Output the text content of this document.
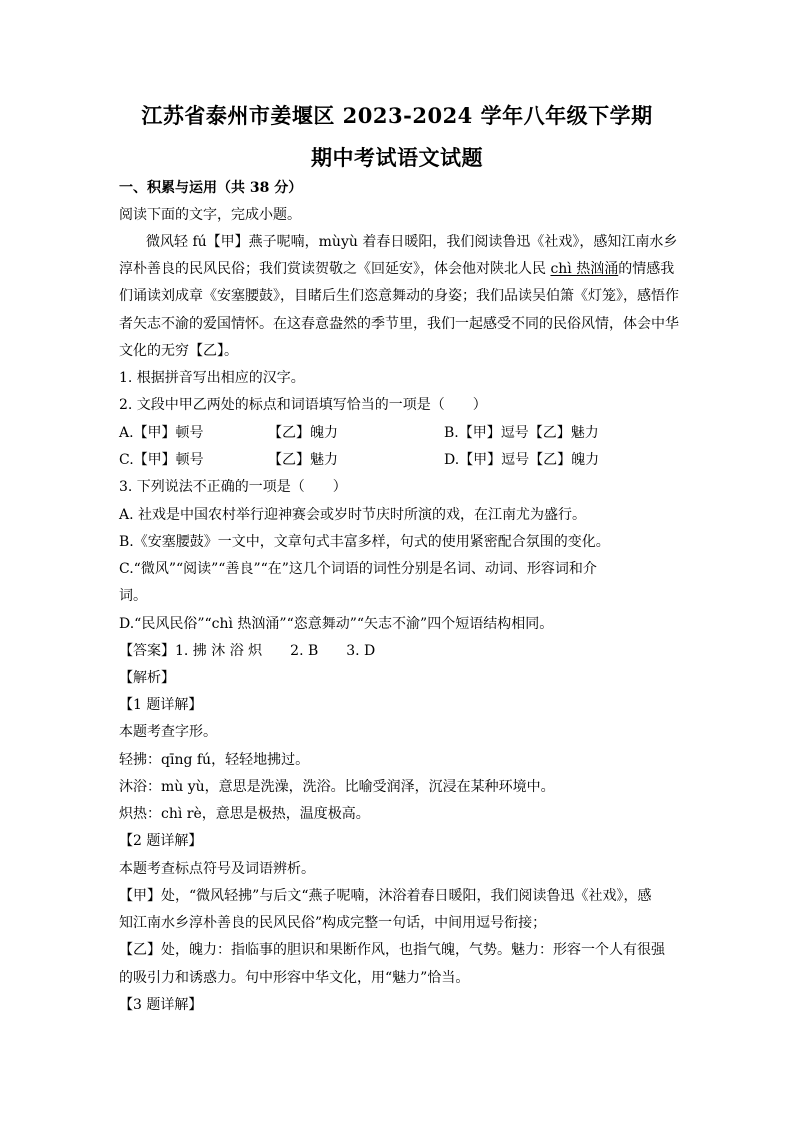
江苏省泰州市姜堰区 2023-2024 学年八年级下学期
期中考试语文试题
一、积累与运用（共 38 分）
阅读下面的文字，完成小题。
微风轻 fú【甲】燕子呢喃，mùyù 着春日暖阳，我们阅读鲁迅《社戏》，感知江南水乡
淳朴善良的民风民俗；我们赏读贺敬之《回延安》，体会他对陕北人民 chì 热汹涌的情感我
们诵读刘成章《安塞腰鼓》，目睹后生们恣意舞动的身姿；我们品读吴伯箫《灯笼》，感悟作
者矢志不渝的爱国情怀。在这春意盎然的季节里，我们一起感受不同的民俗风情，体会中华
文化的无穷【乙】。
1. 根据拼音写出相应的汉字。
2. 文段中甲乙两处的标点和词语填写恰当的一项是（　　）
A.【甲】顿号	【乙】魄力	B.【甲】逗号【乙】魅力
C.【甲】顿号	【乙】魅力	D.【甲】逗号【乙】魄力
3. 下列说法不正确的一项是（　　）
A. 社戏是中国农村举行迎神赛会或岁时节庆时所演的戏，在江南尤为盛行。
B.《安塞腰鼓》一文中，文章句式丰富多样，句式的使用紧密配合氛围的变化。
C.“微风”“阅读”“善良”“在”这几个词语的词性分别是名词、动词、形容词和介
词。
D.“民风民俗”“chì 热汹涌”“恣意舞动”“矢志不渝”四个短语结构相同。
【答案】1. 拂 沐 浴 炽　　2. B　　3. D
【解析】
【1 题详解】
本题考查字形。
轻拂：qīng fú，轻轻地拂过。
沐浴：mù yù，意思是洗澡，洗浴。比喻受润泽，沉浸在某种环境中。
炽热：chì rè，意思是极热，温度极高。
【2 题详解】
本题考查标点符号及词语辨析。
【甲】处，“微风轻拂”与后文“燕子呢喃，沐浴着春日暖阳，我们阅读鲁迅《社戏》，感
知江南水乡淳朴善良的民风民俗”构成完整一句话，中间用逗号衔接；
【乙】处，魄力：指临事的胆识和果断作风，也指气魄，气势。魅力：形容一个人有很强
的吸引力和诱惑力。句中形容中华文化，用“魅力”恰当。
【3 题详解】
